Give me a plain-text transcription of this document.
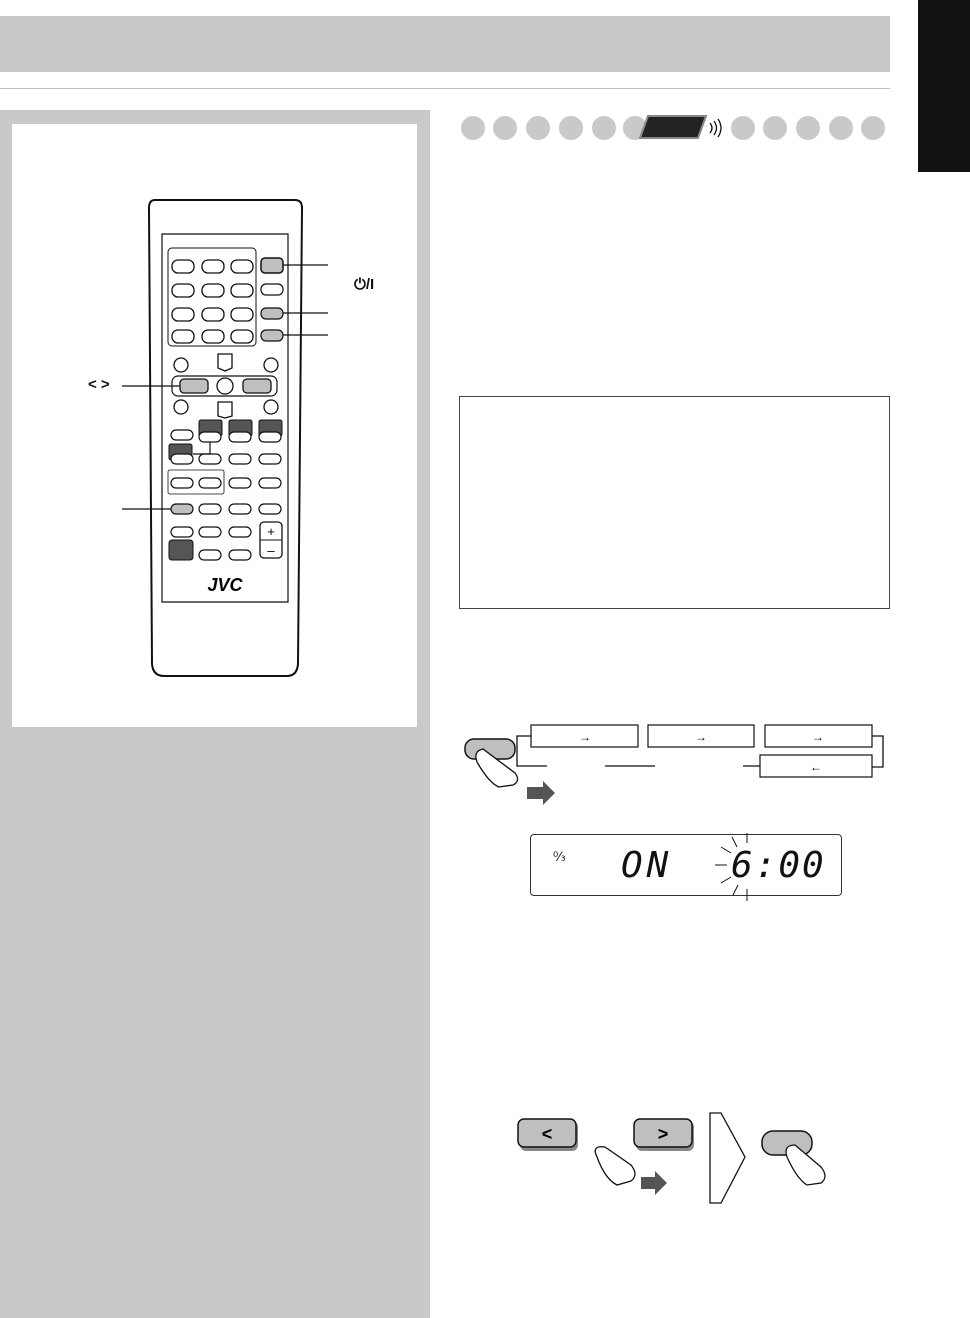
+
–
JVC
⏻/I
< >
→	→	→
←
↉ ON 6:00
<	>
